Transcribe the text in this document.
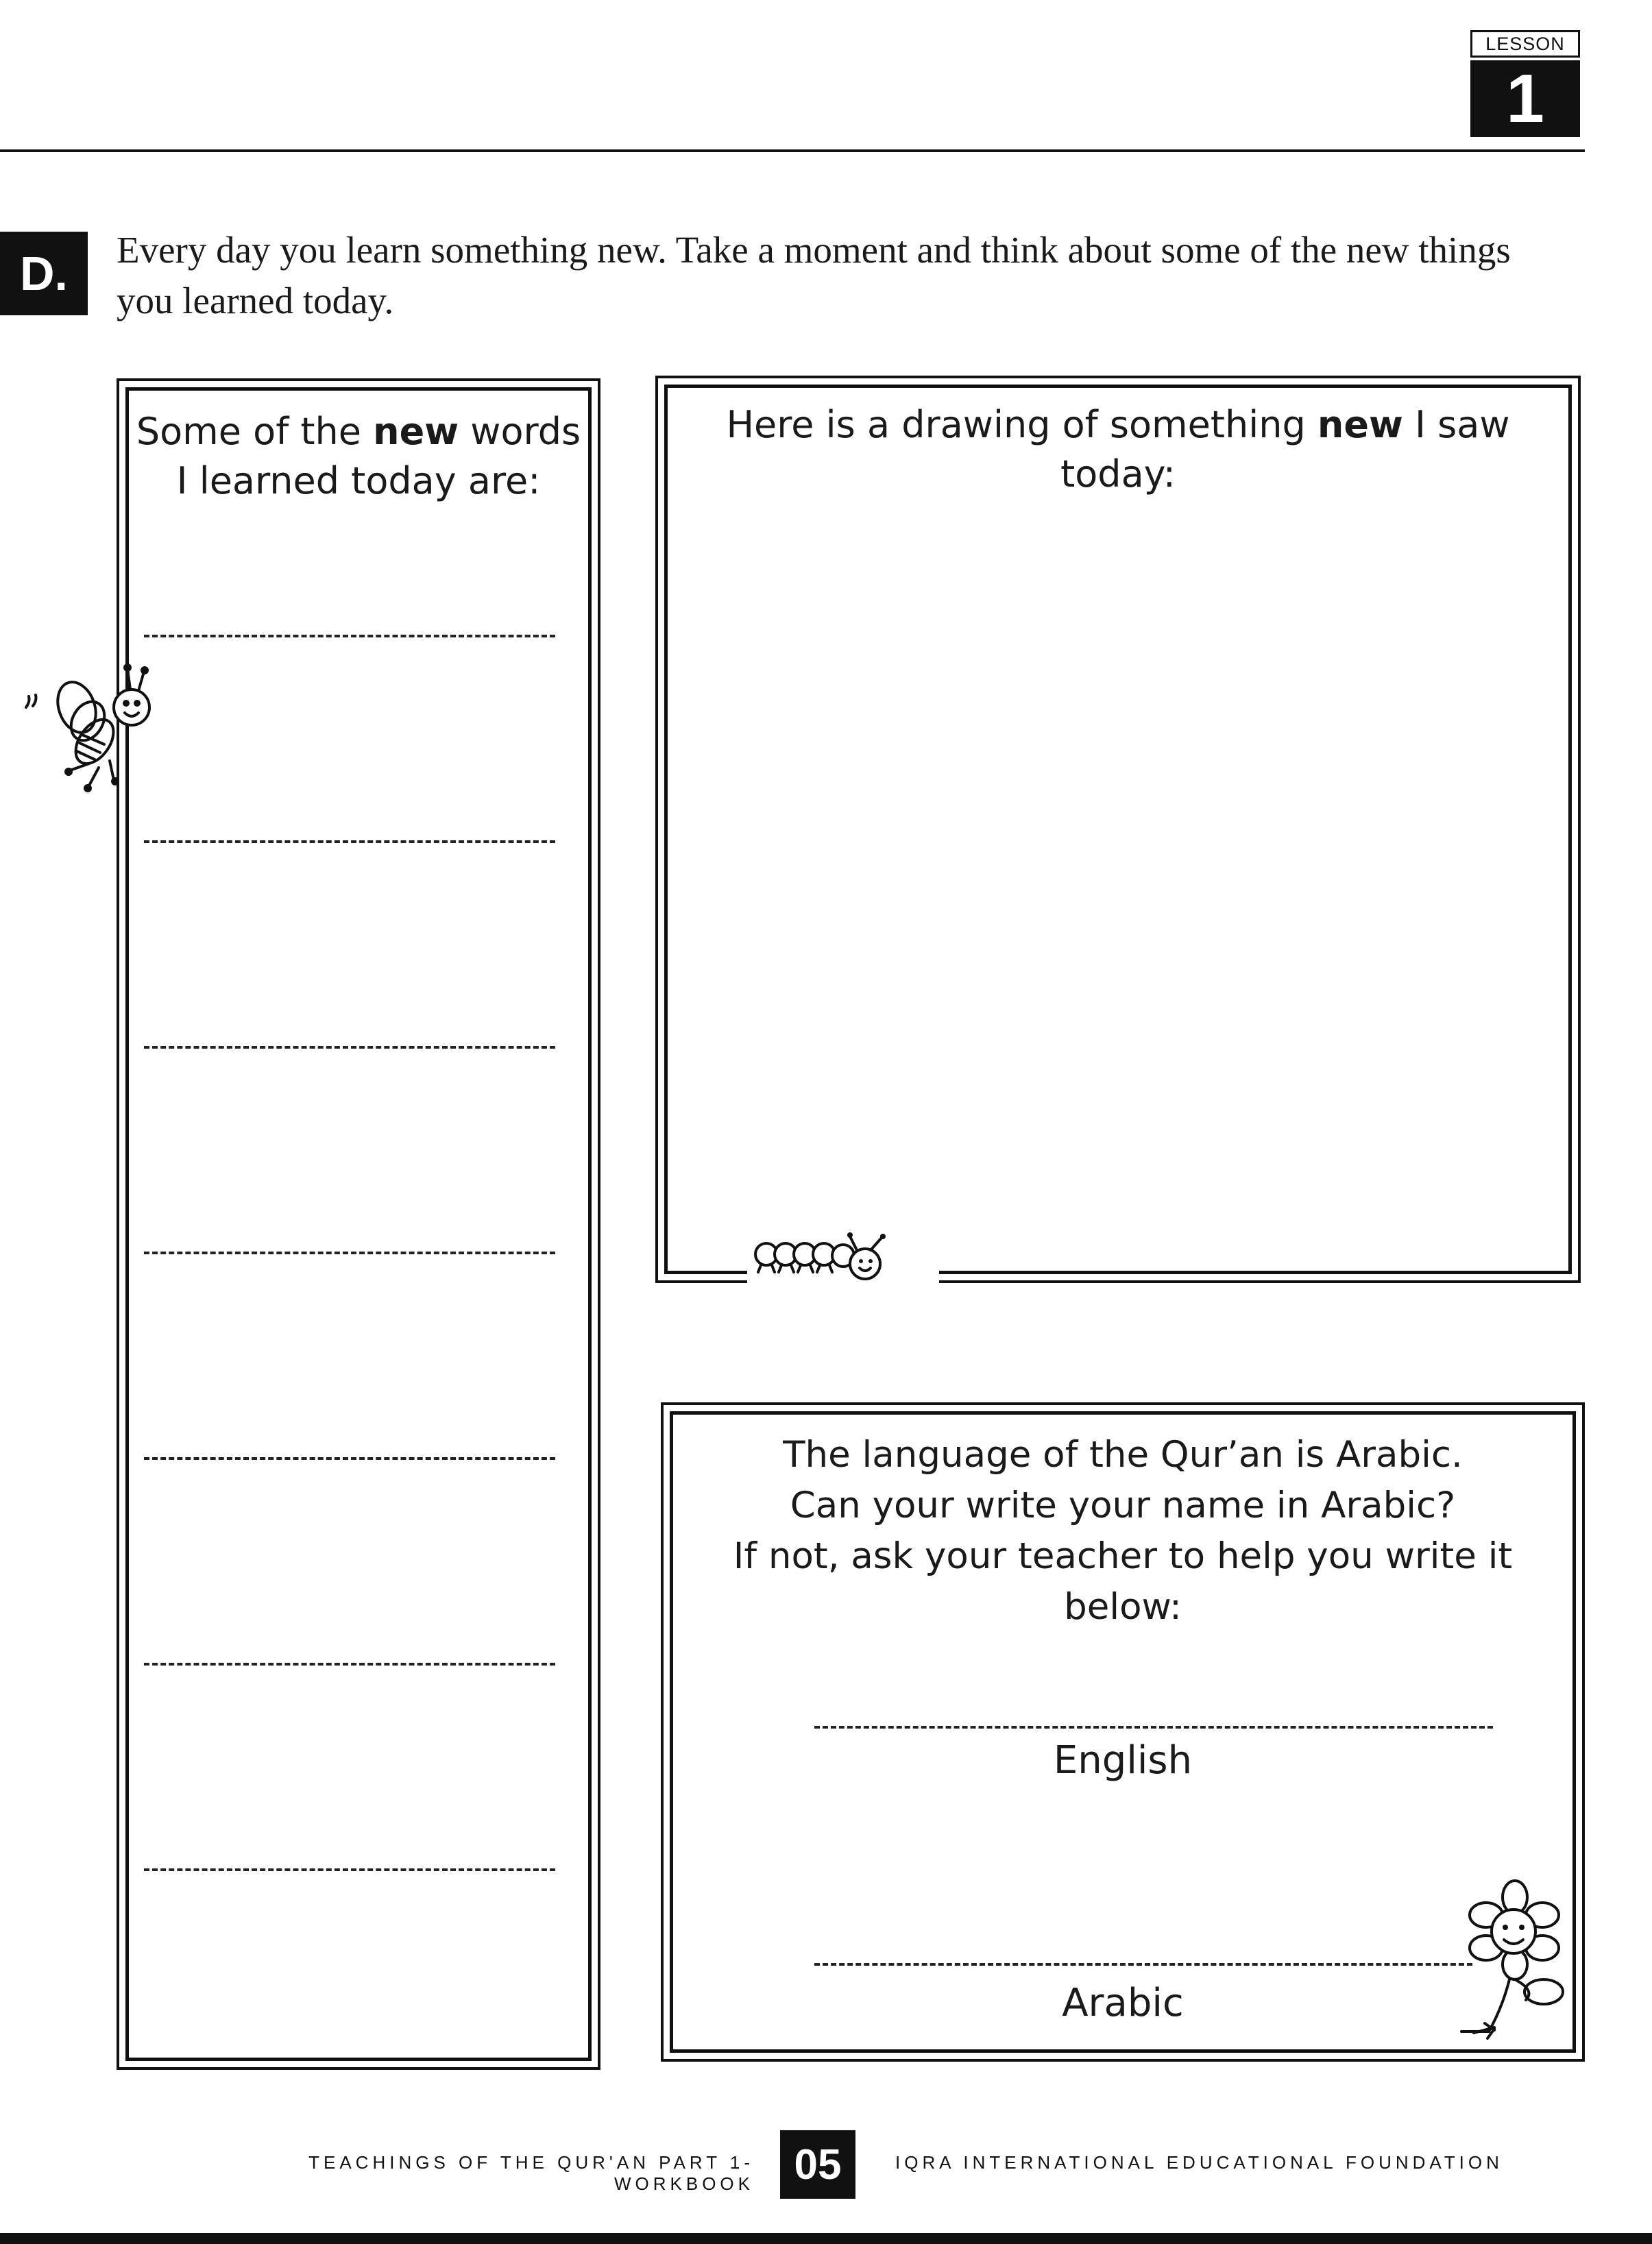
LESSON
1
D.	Every day you learn something new. Take a moment and think about some of the new things you learned today.
Some of the new words
I learned today are:
Here is a drawing of something new I saw today:
The language of the Qur’an is Arabic.
Can your write your name in Arabic?
If not, ask your teacher to help you write it below:
English
Arabic
TEACHINGS OF THE QUR'AN PART 1- WORKBOOK 05	IQRA INTERNATIONAL EDUCATIONAL FOUNDATION
